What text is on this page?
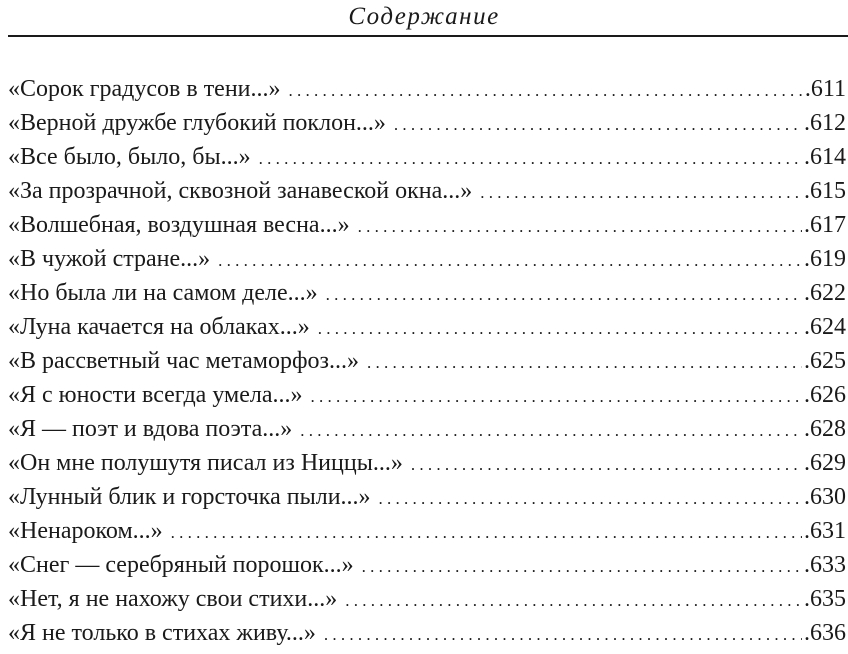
Содержание
«Сорок градусов в тени...» . . .	.611
«Верной дружбе глубокий поклон...» . . .	.612
«Все было, было, бы...» . . .	.614
«За прозрачной, сквозной занавеской окна...» . . .	.615
«Волшебная, воздушная весна...» . . .	.617
«В чужой стране...» . . .	.619
«Но была ли на самом деле...» . . .	.622
«Луна качается на облаках...» . . .	.624
«В рассветный час метаморфоз...» . . .	.625
«Я с юности всегда умела...» . . .	.626
«Я — поэт и вдова поэта...» . . .	.628
«Он мне полушутя писал из Ниццы...» . . .	.629
«Лунный блик и горсточка пыли...» . . .	.630
«Ненароком...» . . .	.631
«Снег — серебряный порошок...» . . .	.633
«Нет, я не нахожу свои стихи...» . . .	.635
«Я не только в стихах живу...» . . .	.636
